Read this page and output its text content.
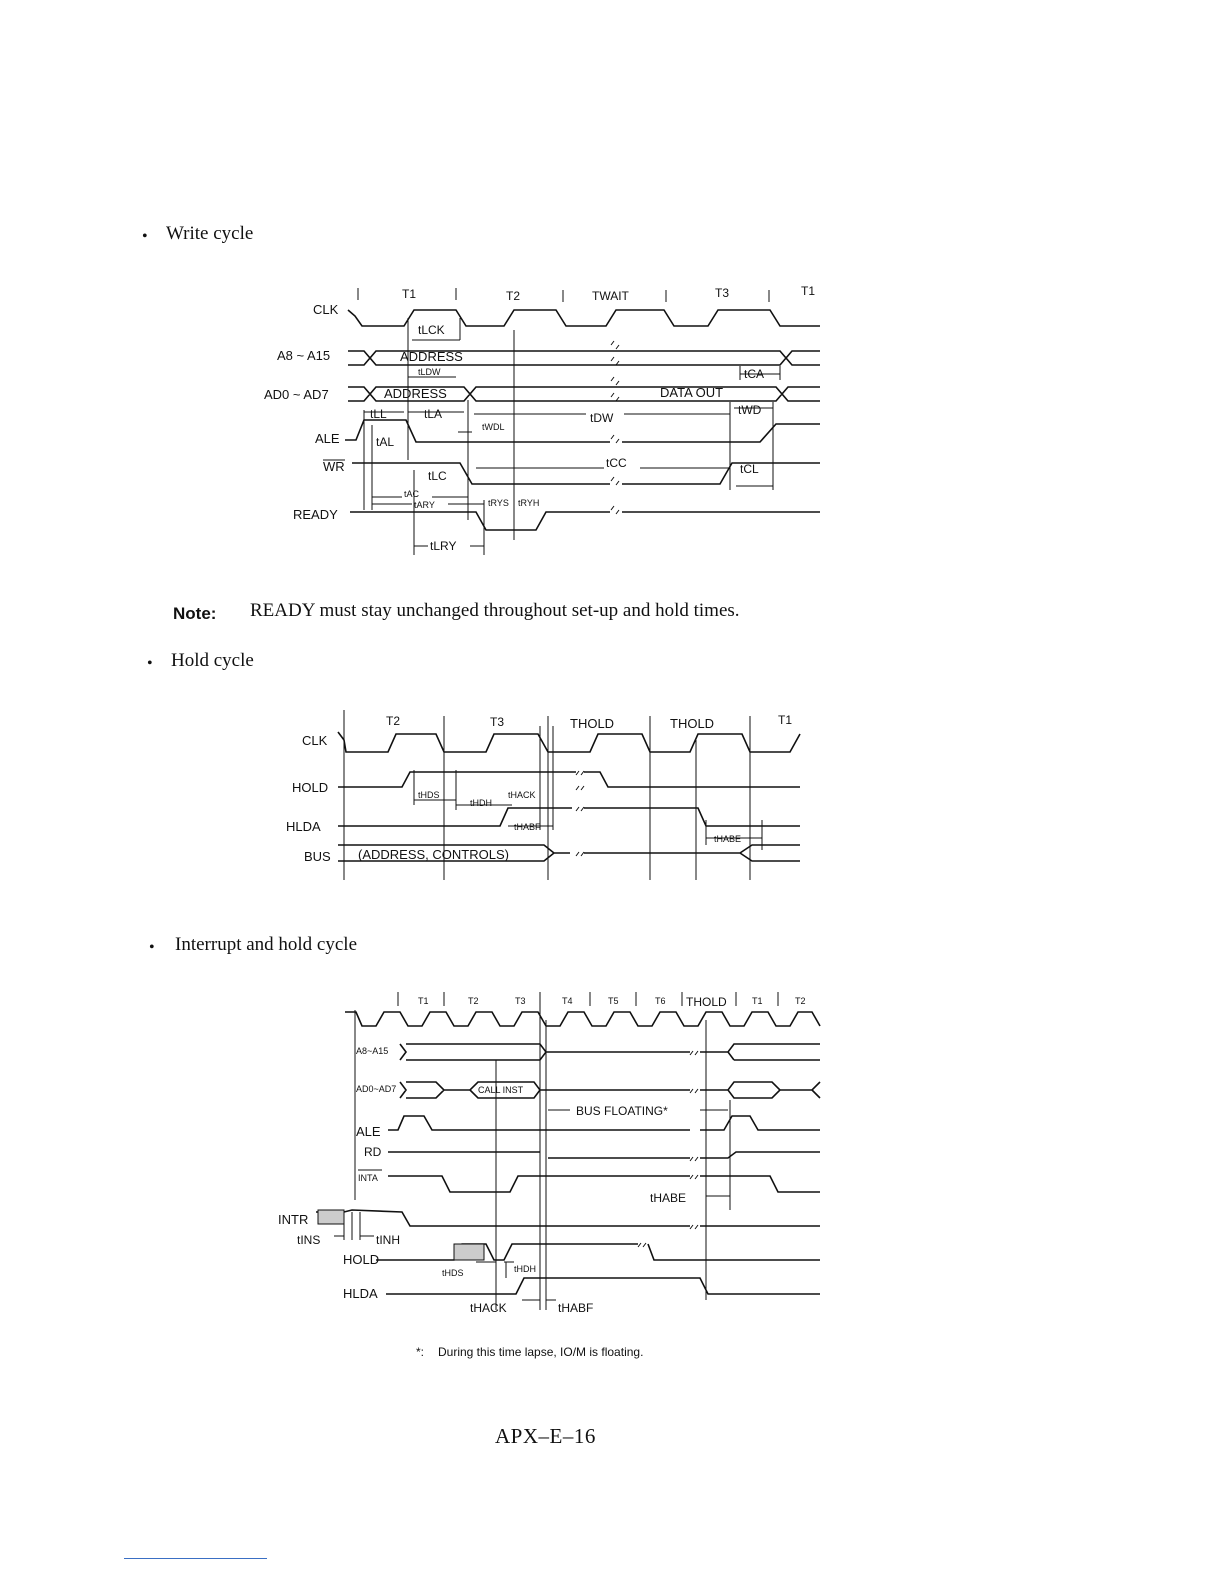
• Write cycle
Note: READY must stay unchanged throughout set-up and hold times.
• Hold cycle
• Interrupt and hold cycle
T1	T2	TWAIT	T3	T1
CLK
A8 ~ A15
AD0 ~ AD7
ALE
WR
READY
ADDRESS
ADDRESS	DATA OUT
tLCK
tLDW	tCA
tLL	tLA	tDW
tWD
tWDL
tAL
tLC
tCC	tCL
tAC
tARY	tRYS tRYH
tLRY
T2	T3	THOLD	THOLD	T1
CLK
HOLD
HLDA
BUS (ADDRESS, CONTROLS)
tHDS
tHDH
tHACK
tHABF
tHABE
T1	T2	T3	T4	T5	T6 THOLD	T1	T2
A8~A15
AD0~AD7
ALE
RD
INTA
INTR
HOLD
HLDA
CALL INST
BUS FLOATING*
tHABE
tINS	tINH
tHDS	tHDH
tHACK	tHABF
*: During this time lapse, IO/M is floating.
APX–E–16
